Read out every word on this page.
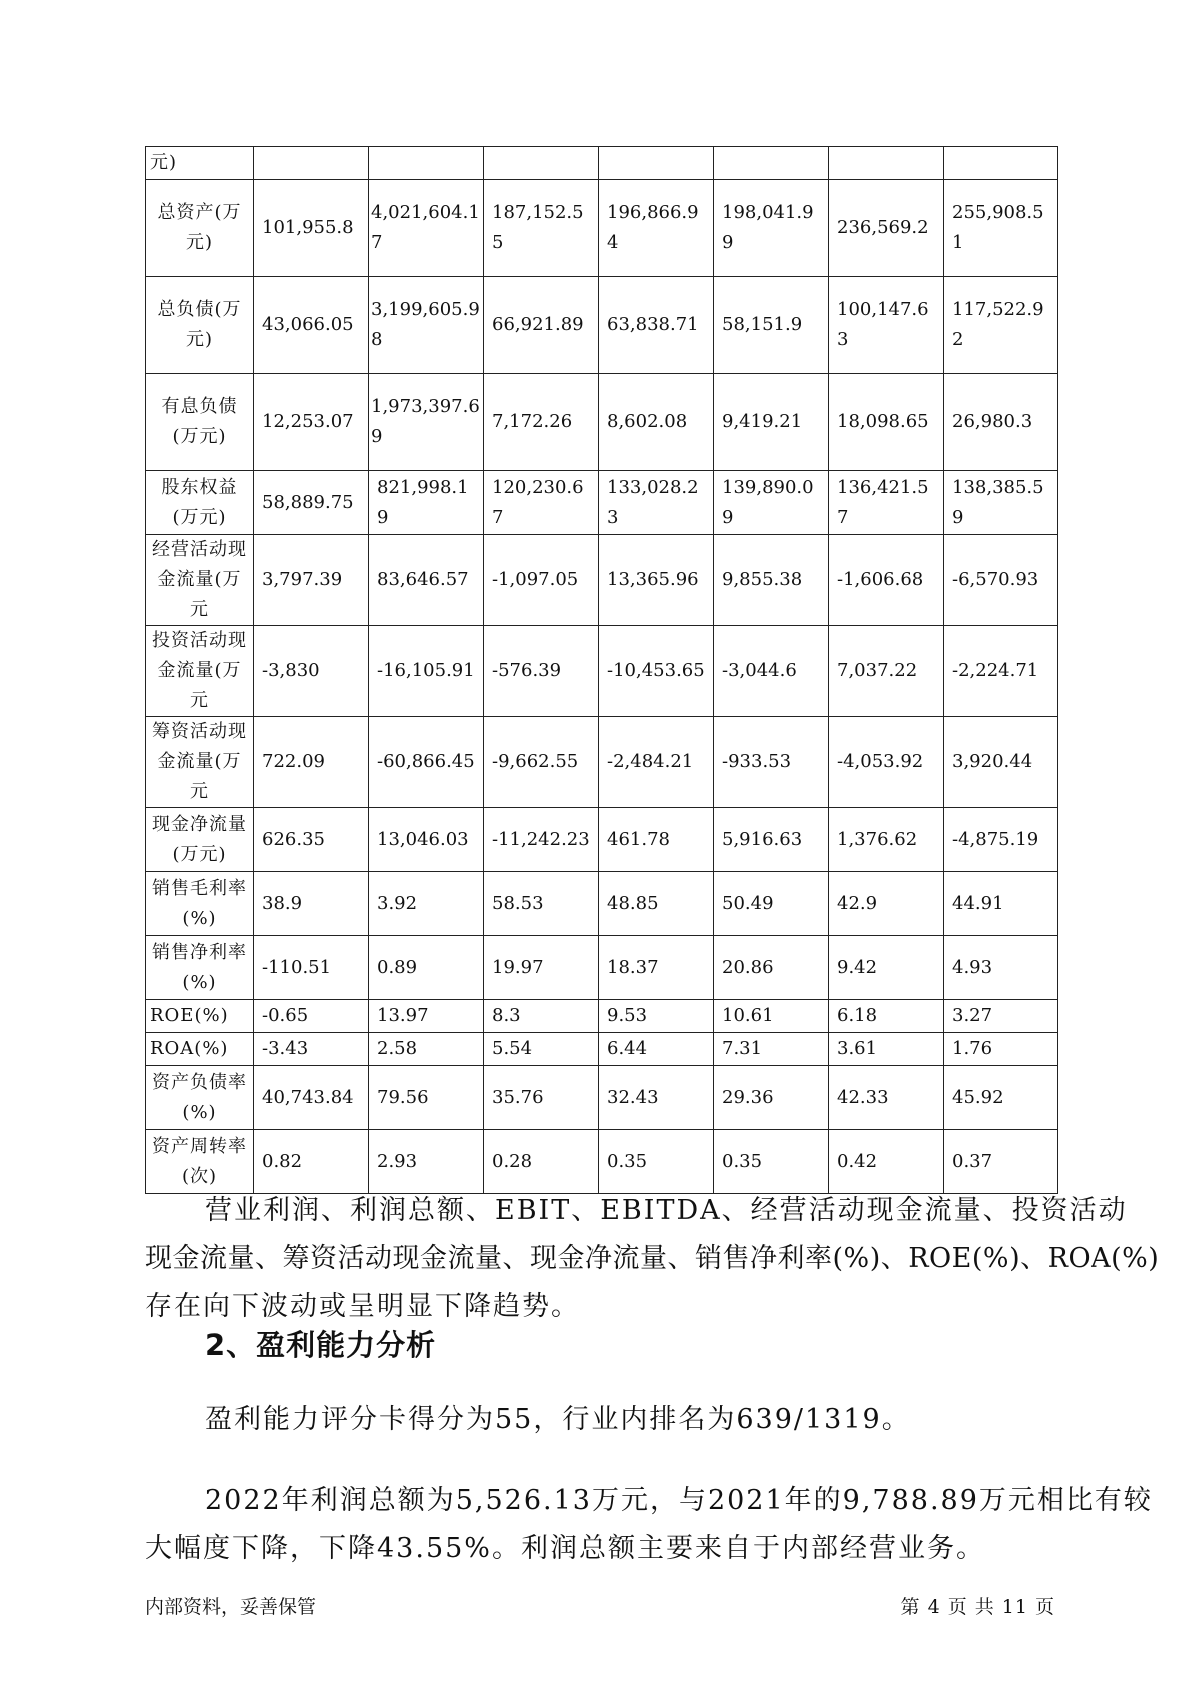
元)							
总资产(万元)	101,955.8	4,021,604.17	187,152.55	196,866.94	198,041.99	236,569.2	255,908.51
总负债(万元)	43,066.05	3,199,605.98	66,921.89	63,838.71	58,151.9	100,147.63	117,522.92
有息负债(万元)	12,253.07	1,973,397.69	7,172.26	8,602.08	9,419.21	18,098.65	26,980.3
股东权益(万元)	58,889.75	821,998.19	120,230.67	133,028.23	139,890.09	136,421.57	138,385.59
经营活动现金流量(万元	3,797.39	83,646.57	-1,097.05	13,365.96	9,855.38	-1,606.68	-6,570.93
投资活动现金流量(万元	-3,830	-16,105.91	-576.39	-10,453.65	-3,044.6	7,037.22	-2,224.71
筹资活动现金流量(万元	722.09	-60,866.45	-9,662.55	-2,484.21	-933.53	-4,053.92	3,920.44
现金净流量(万元)	626.35	13,046.03	-11,242.23	461.78	5,916.63	1,376.62	-4,875.19
销售毛利率(%)	38.9	3.92	58.53	48.85	50.49	42.9	44.91
销售净利率(%)	-110.51	0.89	19.97	18.37	20.86	9.42	4.93
ROE(%)	-0.65	13.97	8.3	9.53	10.61	6.18	3.27
ROA(%)	-3.43	2.58	5.54	6.44	7.31	3.61	1.76
资产负债率(%)	40,743.84	79.56	35.76	32.43	29.36	42.33	45.92
资产周转率(次)	0.82	2.93	0.28	0.35	0.35	0.42	0.37
营业利润、利润总额、EBIT、EBITDA、经营活动现金流量、投资活动
现金流量、筹资活动现金流量、现金净流量、销售净利率(%)、ROE(%)、ROA(%)
存在向下波动或呈明显下降趋势。
2、盈利能力分析
盈利能力评分卡得分为55，行业内排名为639/1319。
2022年利润总额为5,526.13万元，与2021年的9,788.89万元相比有较
大幅度下降，下降43.55%。利润总额主要来自于内部经营业务。
内部资料，妥善保管	第 4 页 共 11 页
